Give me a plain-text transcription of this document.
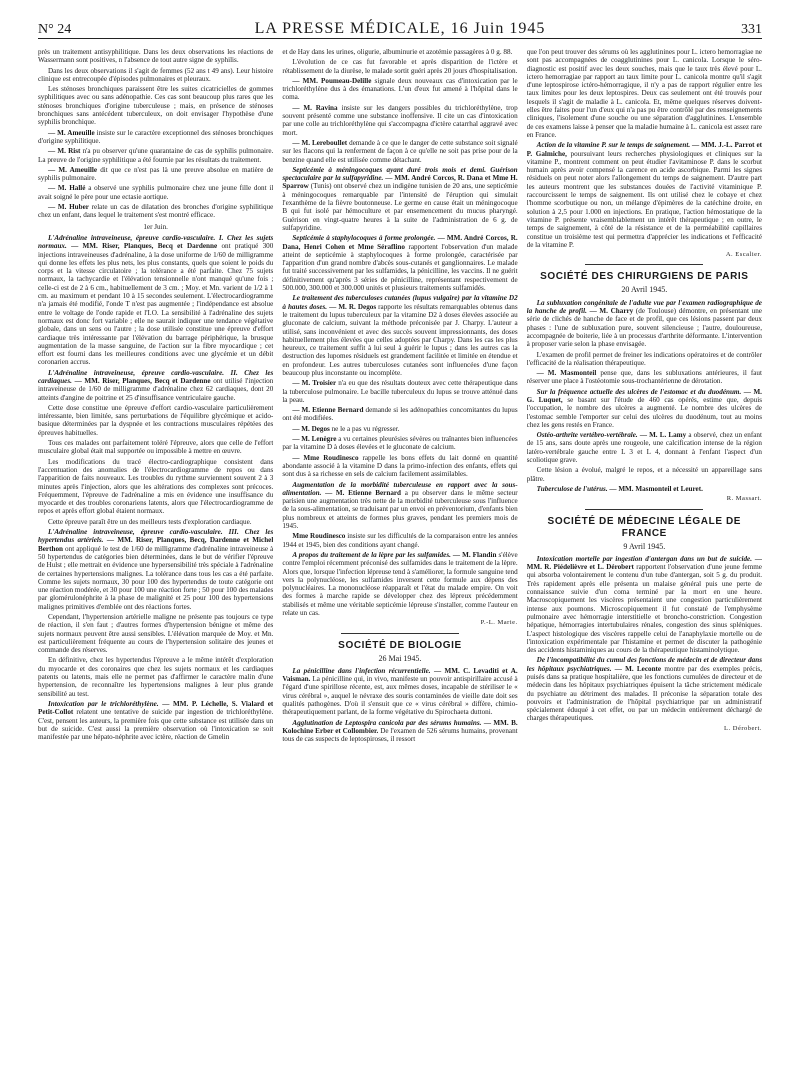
N° 24	LA PRESSE MÉDICALE, 16 Juin 1945	331

près un traitement antisyphilitique. Dans les deux observations les réactions de Wassermann sont positives, n l'absence de tout autre signe de syphilis.

Dans les deux observations il s'agit de femmes (52 ans t 49 ans). Leur histoire clinique est entrecoupée d'épisodes pulmonaires et pleuraux.

Les sténoses bronchiques paraissent être les suites cicatricielles de gommes syphilitiques avec ou sans adénopathie. Ces cas sont beaucoup plus rares que les sténoses bronchiques d'origine tuberculeuse ; mais, en présence de sténoses bronchiques sans antécédent tuberculeux, on doit envisager l'hypothèse d'une syphilis bronchique.

— M. Ameuille insiste sur le caractère exceptionnel des sténoses bronchiques d'origine syphilitique.

— M. Rist n'a pu observer qu'une quarantaine de cas de syphilis pulmonaire. La preuve de l'origine syphilitique a été fournie par les résultats du traitement.

— M. Ameuille dit que ce n'est pas là une preuve absolue en matière de syphilis pulmonaire.

— M. Hallé a observé une syphilis pulmonaire chez une jeune fille dont il avait soigné le père pour une ectasie aortique.

— M. Huber relate un cas de dilatation des bronches d'origine syphilitique chez un enfant, dans lequel le traitement s'est montré efficace.

1er Juin.

L'Adrénaline intraveineuse, épreuve cardio-vasculaire. I. Chez les sujets normaux. — MM. Riser, Planques, Becq et Dardenne ont pratiqué 300 injections intraveineuses d'adrénaline, à la dose uniforme de 1/60 de milligramme qui donne les effets les plus nets, les plus constants, quels que soient le poids du corps et la vitesse circulatoire ; la tolérance a été parfaite. Chez 75 sujets normaux, la tachycardie et l'élévation tensionnelle n'ont manqué qu'une fois ; celle-ci est de 2 à 6 cm., habituellement de 3 cm. ; Moy. et Mn. varient de 1/2 à 1 cm. au maximum et pendant 10 à 15 secondes seulement. L'électrocardiogramme n'a jamais été modifié, l'onde T n'est pas augmentée ; l'indépendance est absolue entre le voltage de l'onde rapide et l'I.O. La sensibilité à l'adrénaline des sujets normaux est donc fort variable ; elle ne saurait indiquer une tendance végétative globale, dans un sens ou l'autre ; la dose utilisée constitue une épreuve d'effort cardiaque très intéressante par l'élévation du barrage périphérique, la brusque augmentation de la masse sanguine, de l'action sur la fibre myocardique ; cet effort est fourni dans les meilleures conditions avec une glycémie et un débit coronarien accrus.

L'Adrénaline intraveineuse, épreuve cardio-vasculaire. II. Chez les cardiaques. — MM. Riser, Planques, Becq et Dardenne ont utilisé l'injection intraveineuse de 1/60 de milligramme d'adrénaline chez 62 cardiaques, dont 20 atteints d'angine de poitrine et 25 d'insuffisance ventriculaire gauche.

Cette dose constitue une épreuve d'effort cardio-vasculaire particulièrement intéressante, bien limitée, sans perturbations de l'équilibre glycémique et acido-basique déterminées par la dyspnée et les contractions musculaires répétées des épreuves habituelles.

Tous ces malades ont parfaitement toléré l'épreuve, alors que celle de l'effort musculaire global était mal supportée ou impossible à mettre en œuvre.

Les modifications du tracé électro-cardiographique consistent dans l'accentuation des anomalies de l'électrocardiogramme de repos ou dans l'apparition de faits nouveaux. Les troubles du rythme surviennent souvent 2 à 3 minutes après l'injection, alors que les altérations des complexes sont précoces. Fréquemment, l'épreuve de l'adrénaline a mis en évidence une insuffisance du myocarde et des troubles coronariens latents, alors que l'électrocardiogramme de repos et après effort global étaient normaux.

Cette épreuve paraît être un des meilleurs tests d'exploration cardiaque.

L'Adrénaline intraveineuse, épreuve cardio-vasculaire. III. Chez les hypertendus artériels. — MM. Riser, Planques, Becq, Dardenne et Michel Berthon ont appliqué le test de 1/60 de milligramme d'adrénaline intraveineuse à 50 hypertendus de catégories bien déterminées, dans le but de vérifier l'épreuve de Hulst ; elle mettrait en évidence une hypersensibilité très spéciale à l'adrénaline de certaines hypertensions malignes. La tolérance dans tous les cas a été parfaite. Comme les sujets normaux, 30 pour 100 des hypertendus de toute catégorie ont une réaction modérée, et 30 pour 100 une réaction forte ; 50 pour 100 des malades par glomérulonéphrite à la phase de malignité et 25 pour 100 des hypertensions malignes primitives d'emblée ont des réactions fortes.

Cependant, l'hypertension artérielle maligne ne présente pas toujours ce type de réaction, il s'en faut ; d'autres formes d'hypertension bénigne et même des sujets normaux peuvent être aussi sensibles. L'élévation marquée de Moy. et Mn. est particulièrement fréquente au cours de l'hypertension solitaire des jeunes et commande des réserves.

En définitive, chez les hypertendus l'épreuve a le même intérêt d'exploration du myocarde et des coronaires que chez les sujets normaux et les cardiaques patents ou latents, mais elle ne permet pas d'affirmer le caractère malin d'une hypertension, de reconnaître les hypertensions malignes à leur plus grande sensibilité au test.

Intoxication par le trichloréthylène. — MM. P. Léchelle, S. Vialard et Petit-Collot relatent une tentative de suicide par ingestion de trichloréthylène. C'est, pensent les auteurs, la première fois que cette substance est utilisée dans un but de suicide. C'est aussi la première observation où l'intoxication se soit manifestée par une hépato-néphrite avec ictère, réaction de Gmelin

et de Hay dans les urines, oligurie, albuminurie et azotémie passagères à 0 g. 88.

L'évolution de ce cas fut favorable et après disparition de l'ictère et rétablissement de la diurèse, le malade sortit guéri après 20 jours d'hospitalisation.

— MM. Poumeau-Delille signale deux nouveaux cas d'intoxication par le trichloréthylène dus à des émanations. L'un d'eux fut amené à l'hôpital dans le coma.

— M. Ravina insiste sur les dangers possibles du trichloréthylène, trop souvent présenté comme une substance inoffensive. Il cite un cas d'intoxication par une colle au trichloréthylène qui s'accompagna d'ictère catarrhal aggravé avec mort.

— M. Lereboullet demande à ce que le danger de cette substance soit signalé sur les flacons qui la renferment de façon à ce qu'elle ne soit pas prise pour de la benzine quand elle est utilisée comme détachant.

Septicémie à méningocoques ayant duré trois mois et demi. Guérison spectaculaire par la sulfapyridine. — MM. André Corcos, R. Dana et Mme H. Sparrow (Tunis) ont observé chez un indigène tunisien de 20 ans, une septicémie à méningocoques remarquable par l'intensité de l'éruption qui simulait l'exanthème de la fièvre boutonneuse. Le germe en cause était un méningocoque B qui fut isolé par hémoculture et par ensemencement du mucus pharyngé. Guérison en vingt-quatre heures à la suite de l'administration de 6 g. de sulfapyridine.

Septicémie à staphylocoques à forme prolongée. — MM. André Corcos, R. Dana, Henri Cohen et Mme Séraflino rapportent l'observation d'un malade atteint de septicémie à staphylocoques à forme prolongée, caractérisée par l'apparition d'un grand nombre d'abcès sous-cutanés et ganglionnaires. Le malade fut traité successivement par les sulfamides, la pénicilline, les vaccins. Il ne guérit définitivement qu'après 3 séries de pénicilline, représentant respectivement de 500.000, 300.000 et 300.000 unités et plusieurs traitements sulfamidés.

Le traitement des tuberculoses cutanées (lupus vulgaire) par la vitamine D2 à hautes doses. — M. R. Degos rapporte les résultats remarquables obtenus dans le traitement du lupus tuberculeux par la vitamine D2 à doses élevées associée au gluconate de calcium, suivant la méthode préconisée par J. Charpy. L'auteur a utilisé, sans inconvénient et avec des succès souvent impressionnants, des doses habituellement plus élevées que celles adoptées par Charpy. Dans les cas les plus heureux, ce traitement suffit à lui seul à guérir le lupus ; dans les autres cas la destruction des lupomes résiduels est grandement facilitée et limitée en étendue et en profondeur. Les autres tuberculoses cutanées sont influencées d'une façon beaucoup plus inconstante ou incomplète.

— M. Troisier n'a eu que des résultats douteux avec cette thérapeutique dans la tuberculose pulmonaire. Le bacille tuberculeux du lupus se trouve atténué dans la peau.

— M. Etienne Bernard demande si les adénopathies concomitantes du lupus ont été modifiées.

— M. Degos ne le a pas vu régresser.

— M. Lenègre a vu certaines pleurésies sévères ou traînantes bien influencées par la vitamine D à doses élevées et le gluconate de calcium.

— Mme Roudinesco rappelle les bons effets du lait donné en quantité abondante associé à la vitamine D dans la primo-infection des enfants, effets qui sont dus à sa richesse en sels de calcium facilement assimilables.

Augmentation de la morbidité tuberculeuse en rapport avec la sous-alimentation. — M. Etienne Bernard a pu observer dans le même secteur parisien une augmentation très nette de la morbidité tuberculeuse sous l'influence de la sous-alimentation, se traduisant par un envoi en préventorium, d'enfants bien plus nombreux et atteints de formes plus graves, pendant les premiers mois de 1945.

Mme Roudinesco insiste sur les difficultés de la comparaison entre les années 1944 et 1945, bien des conditions ayant changé.

A propos du traitement de la lèpre par les sulfamides. — M. Flandin s'élève contre l'emploi récemment préconisé des sulfamides dans le traitement de la lèpre. Alors que, lorsque l'infection lépreuse tend à s'améliorer, la formule sanguine tend vers la polynucléose, les sulfamides inversent cette formule aux dépens des polynucléaires. La mononucléose réapparaît et l'état du malade empire. On voit des formes à marche rapide se développer chez des lépreux précédemment stabilisés et même une véritable septicémie lépreuse s'installer, comme l'auteur en relate un cas.

P.-L. Marie.
SOCIÉTÉ DE BIOLOGIE
26 Mai 1945.

La pénicilline dans l'infection récurrentielle. — MM. C. Levaditi et A. Vaisman. La pénicilline qui, in vivo, manifeste un pouvoir antispirillaire accusé à l'égard d'une spirillose récente, est, aux mêmes doses, incapable de stériliser le « virus cérébral », auquel le névraxe des souris contaminées de vieille date doit ses qualités pathogènes. D'où il s'ensuit que ce « virus cérébral » diffère, chimio-thérapeutiquement parlant, de la forme végétative du Spirochaeta duttoni.

Agglutination de Leptospira canicola par des sérums humains. — MM. B. Kolochine Erber et Collombier. De l'examen de 526 sérums humains, provenant tous de cas suspects de leptospiroses, il ressort

que l'on peut trouver des sérums où les agglutinines pour L. ictero hemorragiae ne sont pas accompagnées de coagglutinines pour L. canicola. Lorsque le séro-diagnostic est positif avec les deux souches, mais que le taux très élevé pour L. ictero hemorragiae par rapport au taux limite pour L. canicola montre qu'il s'agit d'une leptospirose ictéro-hémorragique, il n'y a pas de rapport régulier entre les taux limites pour les deux leptospires. Deux cas seulement ont été trouvés pour lesquels il s'agit de maladie à L. canicola. Et, même quelques réserves doivent-elles être faites pour l'un d'eux qui n'a pas pu être contrôlé par des renseignements cliniques, l'isolement d'une souche ou une séparation d'agglutinines. L'ensemble de ces examens laisse à penser que la maladie humaine à L. canicola est assez rare en France.

Action de la vitamine P. sur le temps de saignement. — MM. J.-L. Parrot et P. Galmiche, poursuivant leurs recherches physiologiques et cliniques sur la vitamine P., montrent comment on peut étudier l'avitaminose P. dans le scorbut humain après avoir compensé la carence en acide ascorbique. Parmi les signes résiduels on peut noter alors l'allongement du temps de saignement. D'autre part les auteurs montrent que les substances douées de l'activité vitaminique P. raccourcissent le temps de saignement. Ils ont utilisé chez le cobaye et chez l'homme scorbutique ou non, un mélange d'épimères de la catéchine droite, en solution à 2,5 pour 1.000 en injections. En pratique, l'action hémostatique de la vitamine P. présente vraisemblablement un intérêt thérapeutique ; en outre, le temps de saignement, à côté de la résistance et de la perméabilité capillaires constitue un troisième test qui permettra d'apprécier les indications et l'efficacité de la vitamine P.

A. Escalier.
SOCIÉTÉ DES CHIRURGIENS DE PARIS
20 Avril 1945.

La subluxation congénitale de l'adulte vue par l'examen radiographique de la hanche de profil. — M. Charry (de Toulouse) démontre, en présentant une série de clichés de hanche de face et de profil, que ces lésions passent par deux phases : l'une de subluxation pure, souvent silencieuse ; l'autre, douloureuse, accompagnée de boiterie, liée à un processus d'arthrite déformante. L'intervention à proposer varie selon la phase envisagée.

L'examen de profil permet de freiner les indications opératoires et de contrôler l'efficacité de la réalisation thérapeutique.

— M. Masmonteil pense que, dans les subluxations antérieures, il faut réserver une place à l'ostéotomie sous-trochantérienne de dérotation.

Sur la fréquence actuelle des ulcères de l'estomac et du duodénum. — M. G. Luquet, se basant sur l'étude de 460 cas opérés, estime que, depuis l'occupation, le nombre des ulcères a augmenté. Le nombre des ulcères de l'estomac semble l'emporter sur celui des ulcères du duodénum, tout au moins chez les gens restés en France.

Ostéo-arthrite vertébro-vertébrale. — M. L. Lamy a observé, chez un enfant de 15 ans, sans doute après une rougeole, une calcification intense de la région latéro-vertébrale gauche entre L 3 et L 4, donnant à l'enfant l'aspect d'un scoliotique grave.

Cette lésion a évolué, malgré le repos, et a nécessité un appareillage sans plâtre.

Tuberculose de l'utérus. — MM. Masmonteil et Leuret.

R. Massart.
SOCIÉTÉ DE MÉDECINE LÉGALE DE FRANCE
9 Avril 1945.

Intoxication mortelle par ingestion d'antergan dans un but de suicide. — MM. R. Piédelièvre et L. Dérobert rapportent l'observation d'une jeune femme qui absorba volontairement le contenu d'un tube d'antergan, soit 5 g. du produit. Très rapidement après elle présenta un malaise général puis une perte de connaissance suivie d'un coma terminé par la mort en une heure. Macroscopiquement les viscères présentaient une congestion particulièrement intense aux poumons. Microscopiquement il fut constaté de l'emphysème pulmonaire avec hémorragie interstitielle et broncho-constriction. Congestion hépatique, hémorragies intertubulaires rénales, congestion des sinus spléniques. L'aspect histologique des viscères rappelle celui de l'anaphylaxie mortelle ou de l'intoxication expérimentale par l'histamine et permet de discuter la pathogénie des accidents histaminiques au cours de la thérapeutique histaminolytique.

De l'incompatibilité du cumul des fonctions de médecin et de directeur dans les hôpitaux psychiatriques. — M. Leconte montre par des exemples précis, puisés dans sa pratique hospitalière, que les fonctions cumulées de directeur et de médecin dans les hôpitaux psychiatriques épuisent la tâche strictement médicale du psychiatre au détriment des malades. Il préconise la séparation totale des pouvoirs et l'administration de l'hôpital psychiatrique par un administratif spécialement éduqué à cet effet, ou par un médecin entièrement déchargé de charges thérapeutiques.

L. Dérobert.
